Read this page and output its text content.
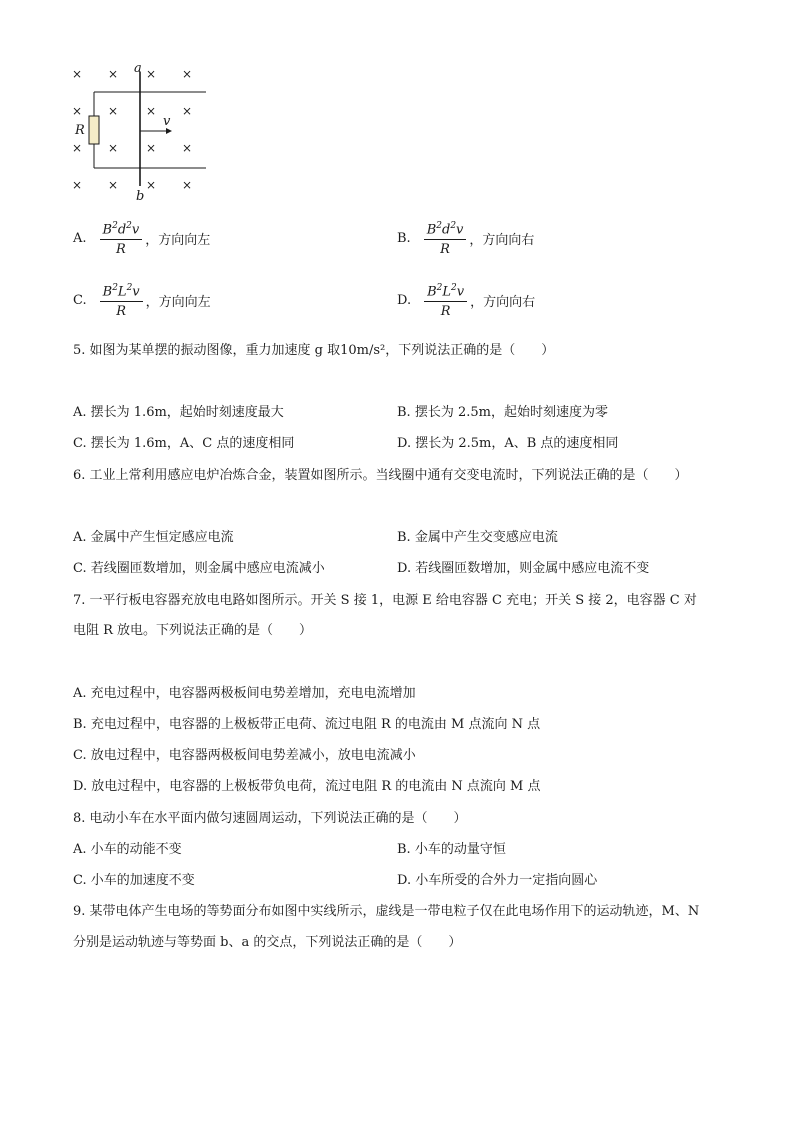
× × × ×
× × × ×
× × × ×
× × × ×
R
a
b
v
A. $\frac{B^2d^2v}{R}$ ，方向向左	B. $\frac{B^2d^2v}{R}$ ，方向向右
C. $\frac{B^2L^2v}{R}$ ，方向向左	D. $\frac{B^2L^2v}{R}$ ，方向向右
5. 如图为某单摆的振动图像，重力加速度 g 取10m/s²，下列说法正确的是（　　）
A. 摆长为 1.6m，起始时刻速度最大	B. 摆长为 2.5m，起始时刻速度为零
C. 摆长为 1.6m，A、C 点的速度相同	D. 摆长为 2.5m，A、B 点的速度相同
6. 工业上常利用感应电炉冶炼合金，装置如图所示。当线圈中通有交变电流时，下列说法正确的是（　　）
A. 金属中产生恒定感应电流	B. 金属中产生交变感应电流
C. 若线圈匝数增加，则金属中感应电流减小	D. 若线圈匝数增加，则金属中感应电流不变
7. 一平行板电容器充放电电路如图所示。开关 S 接 1，电源 E 给电容器 C 充电；开关 S 接 2，电容器 C 对
电阻 R 放电。下列说法正确的是（　　）
A. 充电过程中，电容器两极板间电势差增加，充电电流增加
B. 充电过程中，电容器的上极板带正电荷、流过电阻 R 的电流由 M 点流向 N 点
C. 放电过程中，电容器两极板间电势差减小，放电电流减小
D. 放电过程中，电容器的上极板带负电荷，流过电阻 R 的电流由 N 点流向 M 点
8. 电动小车在水平面内做匀速圆周运动，下列说法正确的是（　　）
A. 小车的动能不变	B. 小车的动量守恒
C. 小车的加速度不变	D. 小车所受的合外力一定指向圆心
9. 某带电体产生电场的等势面分布如图中实线所示，虚线是一带电粒子仅在此电场作用下的运动轨迹，M、N
分别是运动轨迹与等势面 b、a 的交点，下列说法正确的是（　　）
